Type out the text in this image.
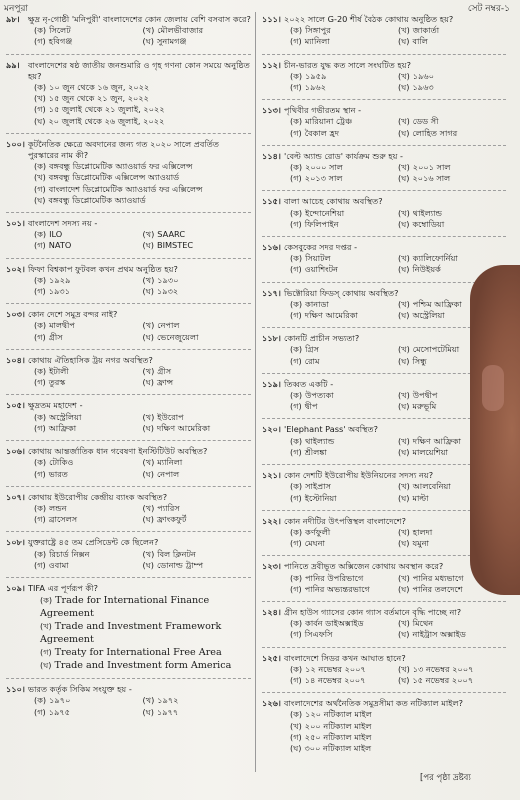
মনপুরা	সেট নম্বর-১
৯৮। ক্ষুদ্র নৃ-গোষ্ঠী 'মনিপুরী' বাংলাদেশের কোন জেলায় বেশি বসবাস করে?
(ক) সিলেট	(খ) মৌলভীবাজার
(গ) হবিগঞ্জ	(ঘ) সুনামগঞ্জ
৯৯। বাংলাদেশের ষষ্ঠ জাতীয় জনশুমারি ও গৃহ গণনা কোন সময়ে অনুষ্ঠিত হয়?
(ক) ১০ জুন থেকে ১৬ জুন, ২০২২
(খ) ১৫ জুন থেকে ২১ জুন, ২০২২
(গ) ১৫ জুলাই থেকে ২১ জুলাই, ২০২২
(ঘ) ২০ জুলাই থেকে ২৬ জুলাই, ২০২২
১০০। কূটনৈতিক ক্ষেত্রে অবদানের জন্য গত ২০২০ সালে প্রবর্তিত পুরস্কারের নাম কী?
(ক) বঙ্গবন্ধু ডিপ্লোমেটিক অ্যাওয়ার্ড ফর এক্সিলেন্স
(খ) বঙ্গবন্ধু ডিপ্লোমেটিক এক্সিলেন্স অ্যাওয়ার্ড
(গ) বাংলাদেশ ডিপ্লোমেটিক অ্যাওয়ার্ড ফর এক্সিলেন্স
(ঘ) বঙ্গবন্ধু ডিপ্লোমেটিক অ্যাওয়ার্ড
১০১। বাংলাদেশ সদস্য নয় -
(ক) ILO	(খ) SAARC
(গ) NATO	(ঘ) BIMSTEC
১০২। ফিফা বিশ্বকাপ ফুটবল কখন প্রথম অনুষ্ঠিত হয়?
(ক) ১৯২৯	(খ) ১৯৩০
(গ) ১৯৩১	(ঘ) ১৯৩২
১০৩। কোন দেশে সমুদ্র বন্দর নাই?
(ক) মালদ্বীপ	(খ) নেপাল
(গ) গ্রীস	(ঘ) ভেনেজুয়েলা
১০৪। কোথায় ঐতিহাসিক ট্রয় নগর অবস্থিত?
(ক) ইটালী	(খ) গ্রীস
(গ) তুরস্ক	(ঘ) ফ্রান্স
১০৫। ক্ষুদ্রতম মহাদেশ -
(ক) অস্ট্রেলিয়া	(খ) ইউরোপ
(গ) আফ্রিকা	(ঘ) দক্ষিণ আমেরিকা
১০৬। কোথায় আন্তর্জাতিক ধান গবেষণা ইনস্টিটিউট অবস্থিত?
(ক) টোকিও	(খ) ম্যানিলা
(গ) ভারত	(ঘ) নেপাল
১০৭। কোথায় ইউরোপীয় কেন্দ্রীয় ব্যাংক অবস্থিত?
(ক) লন্ডন	(খ) প্যারিস
(গ) ব্রাসেলস	(ঘ) ফ্রাংকফুর্ট
১০৮। যুক্তরাষ্ট্রে ৪৫ তম প্রেসিডেন্ট কে ছিলেন?
(ক) রিচার্ড নিক্সন	(খ) বিল ক্লিনটন
(গ) ওবামা	(ঘ) ডোনাল্ড ট্রাম্প
১০৯। TIFA এর পূর্ণরূপ কী?
(ক) Trade for International Finance Agreement
(খ) Trade and Investment Framework Agreement
(গ) Treaty for International Free Area
(ঘ) Trade and Investment form America
১১০। ভারত কর্তৃক সিকিম সংযুক্ত হয় -
(ক) ১৯৭০	(খ) ১৯৭২
(গ) ১৯৭৫	(ঘ) ১৯৭৭
১১১। ২০২২ সালে G-20 শীর্ষ বৈঠক কোথায় অনুষ্ঠিত হয়?
(ক) সিঙ্গাপুর	(খ) জাকার্তা
(গ) ম্যানিলা	(ঘ) বালি
১১২। চীন-ভারত যুদ্ধ কত সালে সংঘটিত হয়?
(ক) ১৯৫৯	(খ) ১৯৬০
(গ) ১৯৬২	(ঘ) ১৯৬৩
১১৩। পৃথিবীর গভীরতম স্থান -
(ক) মারিয়ানা ট্রেঞ্চ	(খ) ডেড সী
(গ) বৈকাল হ্রদ	(ঘ) লোহিত সাগর
১১৪। 'বেল্ট অ্যান্ড রোড' কার্যক্রম শুরু হয় -
(ক) ২০০০ সাল	(খ) ২০০১ সাল
(গ) ২০১৩ সাল	(ঘ) ২০১৬ সাল
১১৫। বালা আচেহ কোথায় অবস্থিত?
(ক) ইন্দোনেশিয়া	(খ) থাইল্যান্ড
(গ) ফিলিপাইন	(ঘ) কম্বোডিয়া
১১৬। কেসবুকের সদর দপ্তর -
(ক) সিয়াটল	(খ) ক্যালিফোর্নিয়া
(গ) ওয়াশিংটন	(ঘ) নিউইয়র্ক
১১৭। ভিক্টোরিয়া ফিডস্ কোথায় অবস্থিত?
(ক) কানাডা	(খ) পশ্চিম আফ্রিকা
(গ) দক্ষিণ আমেরিকা	(ঘ) অস্ট্রেলিয়া
১১৮। কোনটি প্রাচীন সভ্যতা?
(ক) গ্রিস	(খ) মেসোপটেমিয়া
(গ) রোম	(ঘ) সিন্ধু
১১৯। তিব্বত একটি -
(ক) উপত্যকা	(খ) উপদ্বীপ
(গ) দ্বীপ	(ঘ) মরুভূমি
১২০। 'Elephant Pass' অবস্থিত?
(ক) থাইল্যান্ড	(খ) দক্ষিণ আফ্রিকা
(গ) শ্রীলঙ্কা	(ঘ) মালয়েশিয়া
১২১। কোন দেশটি ইউরোপীয় ইউনিয়নের সদস্য নয়?
(ক) সাইপ্রাস	(খ) আলবেনিয়া
(গ) ইস্টোনিয়া	(ঘ) মাল্টা
১২২। কোন নদীটির উৎপত্তিস্থল বাংলাদেশে?
(ক) কর্ণফুলী	(খ) হালদা
(গ) মেঘনা	(ঘ) যমুনা
১২৩। পানিতে দ্রবীভূত অক্সিজেন কোথায় অবস্থান করে?
(ক) পানির উপরিভাগে	(খ) পানির মধ্যভাগে
(গ) পানির অভ্যন্তরভাগে	(ঘ) পানির তলদেশে
১২৪। গ্রীন হাউস গ্যাসের কোন গ্যাস বর্তমানে বৃদ্ধি পাচ্ছে না?
(ক) কার্বন ডাইঅক্সাইড	(খ) মিথেন
(গ) সিএফসি	(ঘ) নাইট্রাস অক্সাইড
১২৫। বাংলাদেশে সিডর কখন আঘাত হানে?
(ক) ১২ নভেম্বর ২০০৭	(খ) ১৩ নভেম্বর ২০০৭
(গ) ১৪ নভেম্বর ২০০৭	(ঘ) ১৫ নভেম্বর ২০০৭
১২৬। বাংলাদেশের অর্থনৈতিক সমুদ্রসীমা কত নটিক্যাল মাইল?
(ক) ১২০ নটিক্যাল মাইল
(খ) ২০০ নটিক্যাল মাইল
(গ) ২৫০ নটিক্যাল মাইল
(ঘ) ৩০০ নটিক্যাল মাইল
[পর পৃষ্ঠা দ্রষ্টব্য
